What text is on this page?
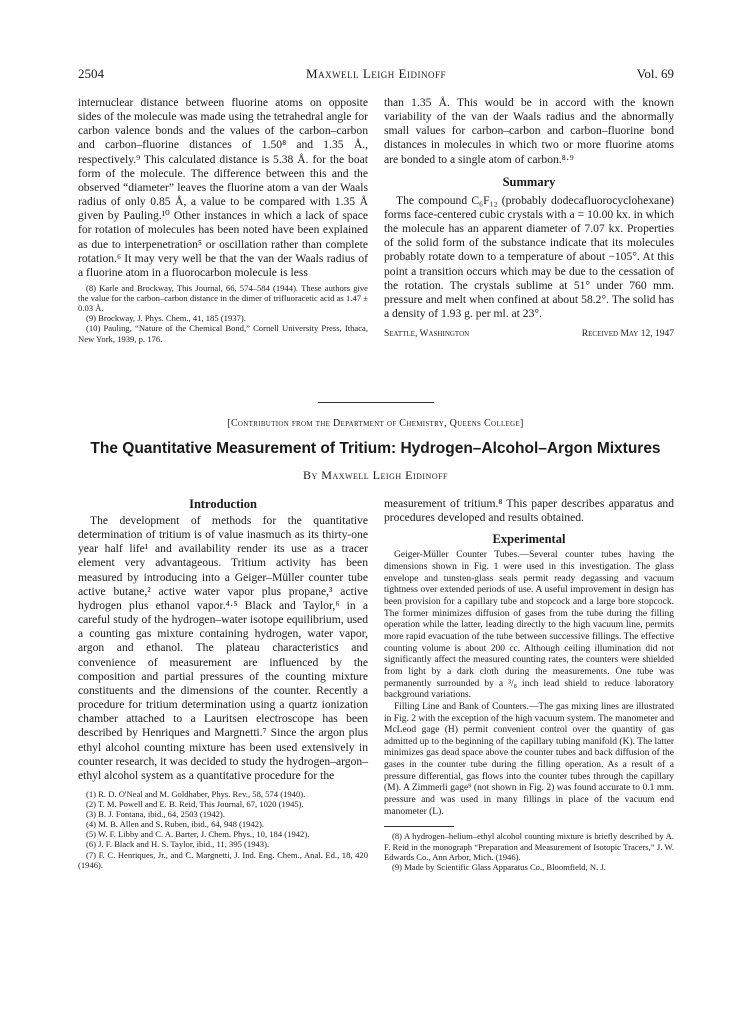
2504	Maxwell Leigh Eidinoff	Vol. 69

internuclear distance between fluorine atoms on opposite sides of the molecule was made using the tetrahedral angle for carbon valence bonds and the values of the carbon–carbon and carbon–fluorine distances of 1.50⁸ and 1.35 Å., respectively.⁹ This calculated distance is 5.38 Å. for the boat form of the molecule. The difference between this and the observed “diameter” leaves the fluorine atom a van der Waals radius of only 0.85 Å, a value to be compared with 1.35 Å given by Pauling.¹⁰ Other instances in which a lack of space for rotation of molecules has been noted have been explained as due to interpenetration⁵ or oscillation rather than complete rotation.⁶ It may very well be that the van der Waals radius of a fluorine atom in a fluorocarbon molecule is less

(8) Karle and Brockway, This Journal, 66, 574–584 (1944). These authors give the value for the carbon–carbon distance in the dimer of trifluoracetic acid as 1.47 ± 0.03 Å.

(9) Brockway, J. Phys. Chem., 41, 185 (1937).

(10) Pauling, “Nature of the Chemical Bond,” Cornell University Press, Ithaca, New York, 1939, p. 176.

than 1.35 Å. This would be in accord with the known variability of the van der Waals radius and the abnormally small values for carbon–carbon and carbon–fluorine bond distances in molecules in which two or more fluorine atoms are bonded to a single atom of carbon.⁸·⁹

Summary

The compound C₆F₁₂ (probably dodecafluorocyclohexane) forms face-centered cubic crystals with a = 10.00 kx. in which the molecule has an apparent diameter of 7.07 kx. Properties of the solid form of the substance indicate that its molecules probably rotate down to a temperature of about −105°. At this point a transition occurs which may be due to the cessation of the rotation. The crystals sublime at 51° under 760 mm. pressure and melt when confined at about 58.2°. The solid has a density of 1.93 g. per ml. at 23°.

Seattle, Washington	Received May 12, 1947
[Contribution from the Department of Chemistry, Queens College]
The Quantitative Measurement of Tritium: Hydrogen–Alcohol–Argon Mixtures
By Maxwell Leigh Eidinoff
Introduction

The development of methods for the quantitative determination of tritium is of value inasmuch as its thirty-one year half life¹ and availability render its use as a tracer element very advantageous. Tritium activity has been measured by introducing into a Geiger–Müller counter tube active butane,² active water vapor plus propane,³ active hydrogen plus ethanol vapor.⁴·⁵ Black and Taylor,⁶ in a careful study of the hydrogen–water isotope equilibrium, used a counting gas mixture containing hydrogen, water vapor, argon and ethanol. The plateau characteristics and convenience of measurement are influenced by the composition and partial pressures of the counting mixture constituents and the dimensions of the counter. Recently a procedure for tritium determination using a quartz ionization chamber attached to a Lauritsen electroscope has been described by Henriques and Margnetti.⁷ Since the argon plus ethyl alcohol counting mixture has been used extensively in counter research, it was decided to study the hydrogen–argon–ethyl alcohol system as a quantitative procedure for the

(1) R. D. O'Neal and M. Goldhaber, Phys. Rev., 58, 574 (1940).

(2) T. M. Powell and E. B. Reid, This Journal, 67, 1020 (1945).

(3) B. J. Fontana, ibid., 64, 2503 (1942).

(4) M. B. Allen and S. Ruben, ibid., 64, 948 (1942).

(5) W. F. Libby and C. A. Barter, J. Chem. Phys., 10, 184 (1942).

(6) J. F. Black and H. S. Taylor, ibid., 11, 395 (1943).

(7) F. C. Henriques, Jr., and C. Margnetti, J. Ind. Eng. Chem., Anal. Ed., 18, 420 (1946).

measurement of tritium.⁸ This paper describes apparatus and procedures developed and results obtained.

Experimental

Geiger-Müller Counter Tubes.—Several counter tubes having the dimensions shown in Fig. 1 were used in this investigation. The glass envelope and tunsten-glass seals permit ready degassing and vacuum tightness over extended periods of use. A useful improvement in design has been provision for a capillary tube and stopcock and a large bore stopcock. The former minimizes diffusion of gases from the tube during the filling operation while the latter, leading directly to the high vacuum line, permits more rapid evacuation of the tube between successive fillings. The effective counting volume is about 200 cc. Although ceiling illumination did not significantly affect the measured counting rates, the counters were shielded from light by a dark cloth during the measurements. One tube was permanently surrounded by a ³/₈ inch lead shield to reduce laboratory background variations.

Filling Line and Bank of Counters.—The gas mixing lines are illustrated in Fig. 2 with the exception of the high vacuum system. The manometer and McLeod gage (H) permit convenient control over the quantity of gas admitted up to the beginning of the capillary tubing manifold (K). The latter minimizes gas dead space above the counter tubes and back diffusion of the gases in the counter tube during the filling operation. As a result of a pressure differential, gas flows into the counter tubes through the capillary (M). A Zimmerli gage⁹ (not shown in Fig. 2) was found accurate to 0.1 mm. pressure and was used in many fillings in place of the vacuum end manometer (L).

(8) A hydrogen–helium–ethyl alcohol counting mixture is briefly described by A. F. Reid in the monograph “Preparation and Measurement of Isotopic Tracers,” J. W. Edwards Co., Ann Arbor, Mich. (1946).

(9) Made by Scientific Glass Apparatus Co., Bloomfield, N. J.
